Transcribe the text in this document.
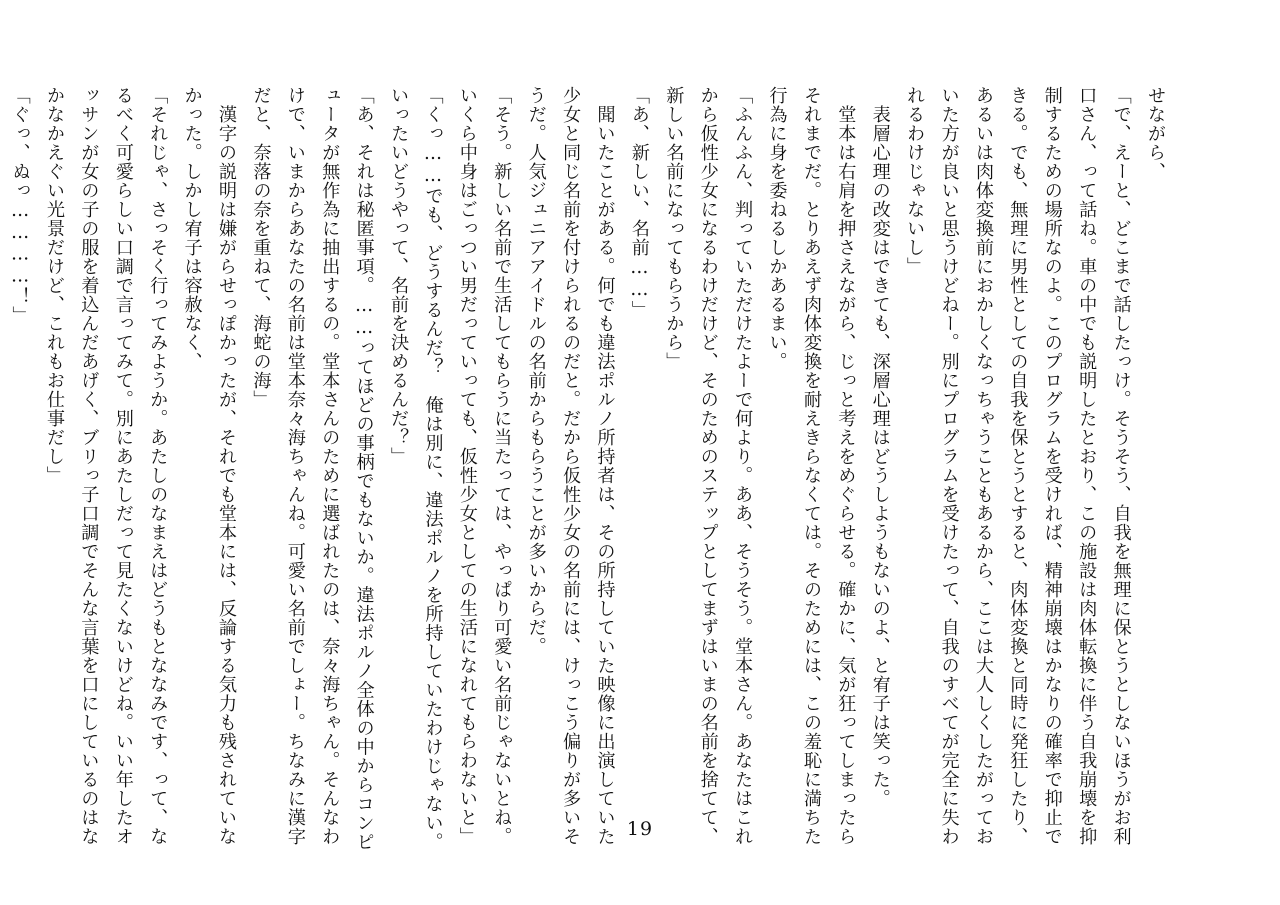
せながら、

「で、えーと、どこまで話したっけ。そうそう、自我を無理に保とうとしないほうがお利

口さん、って話ね。車の中でも説明したとおり、この施設は肉体転換に伴う自我崩壊を抑

制するための場所なのよ。このプログラムを受ければ、精神崩壊はかなりの確率で抑止で

きる。でも、無理に男性としての自我を保とうとすると、肉体変換と同時に発狂したり、

あるいは肉体変換前におかしくなっちゃうこともあるから、ここは大人しくしたがってお

いた方が良いと思うけどねー。別にプログラムを受けたって、自我のすべてが完全に失わ

れるわけじゃないし」

　表層心理の改変はできても、深層心理はどうしようもないのよ、と宥子は笑った。

　堂本は右肩を押さえながら、じっと考えをめぐらせる。確かに、気が狂ってしまったら

それまでだ。とりあえず肉体変換を耐えきらなくては。そのためには、この羞恥に満ちた

行為に身を委ねるしかあるまい。

「ふんふん、判っていただけたよーで何より。ああ、そうそう。堂本さん。あなたはこれ

から仮性少女になるわけだけど、そのためのステップとしてまずはいまの名前を捨てて、

新しい名前になってもらうから」

「あ、新しい、名前……」

　聞いたことがある。何でも違法ポルノ所持者は、その所持していた映像に出演していた

少女と同じ名前を付けられるのだと。だから仮性少女の名前には、けっこう偏りが多いそ

うだ。人気ジュニアアイドルの名前からもらうことが多いからだ。

「そう。新しい名前で生活してもらうに当たっては、やっぱり可愛い名前じゃないとね。

いくら中身はごっつい男だっていっても、仮性少女としての生活になれてもらわないと」

「くっ……でも、どうするんだ？　俺は別に、違法ポルノを所持していたわけじゃない。

いったいどうやって、名前を決めるんだ？」

「あ、それは秘匿事項。……ってほどの事柄でもないか。違法ポルノ全体の中からコンピ

ュータが無作為に抽出するの。堂本さんのために選ばれたのは、奈々海ちゃん。そんなわ

けで、いまからあなたの名前は堂本奈々海ちゃんね。可愛い名前でしょー。ちなみに漢字

だと、奈落の奈を重ねて、海蛇の海」

　漢字の説明は嫌がらせっぽかったが、それでも堂本には、反論する気力も残されていな

かった。しかし宥子は容赦なく、

「それじゃ、さっそく行ってみようか。あたしのなまえはどうもとななみです、って、な

るべく可愛らしい口調で言ってみて。別にあたしだって見たくないけどね。いい年したオ

ッサンが女の子の服を着込んだあげく、ブリっ子口調でそんな言葉を口にしているのはな

かなかえぐい光景だけど、これもお仕事だし」

「ぐっ、ぬっ…………！」

19
